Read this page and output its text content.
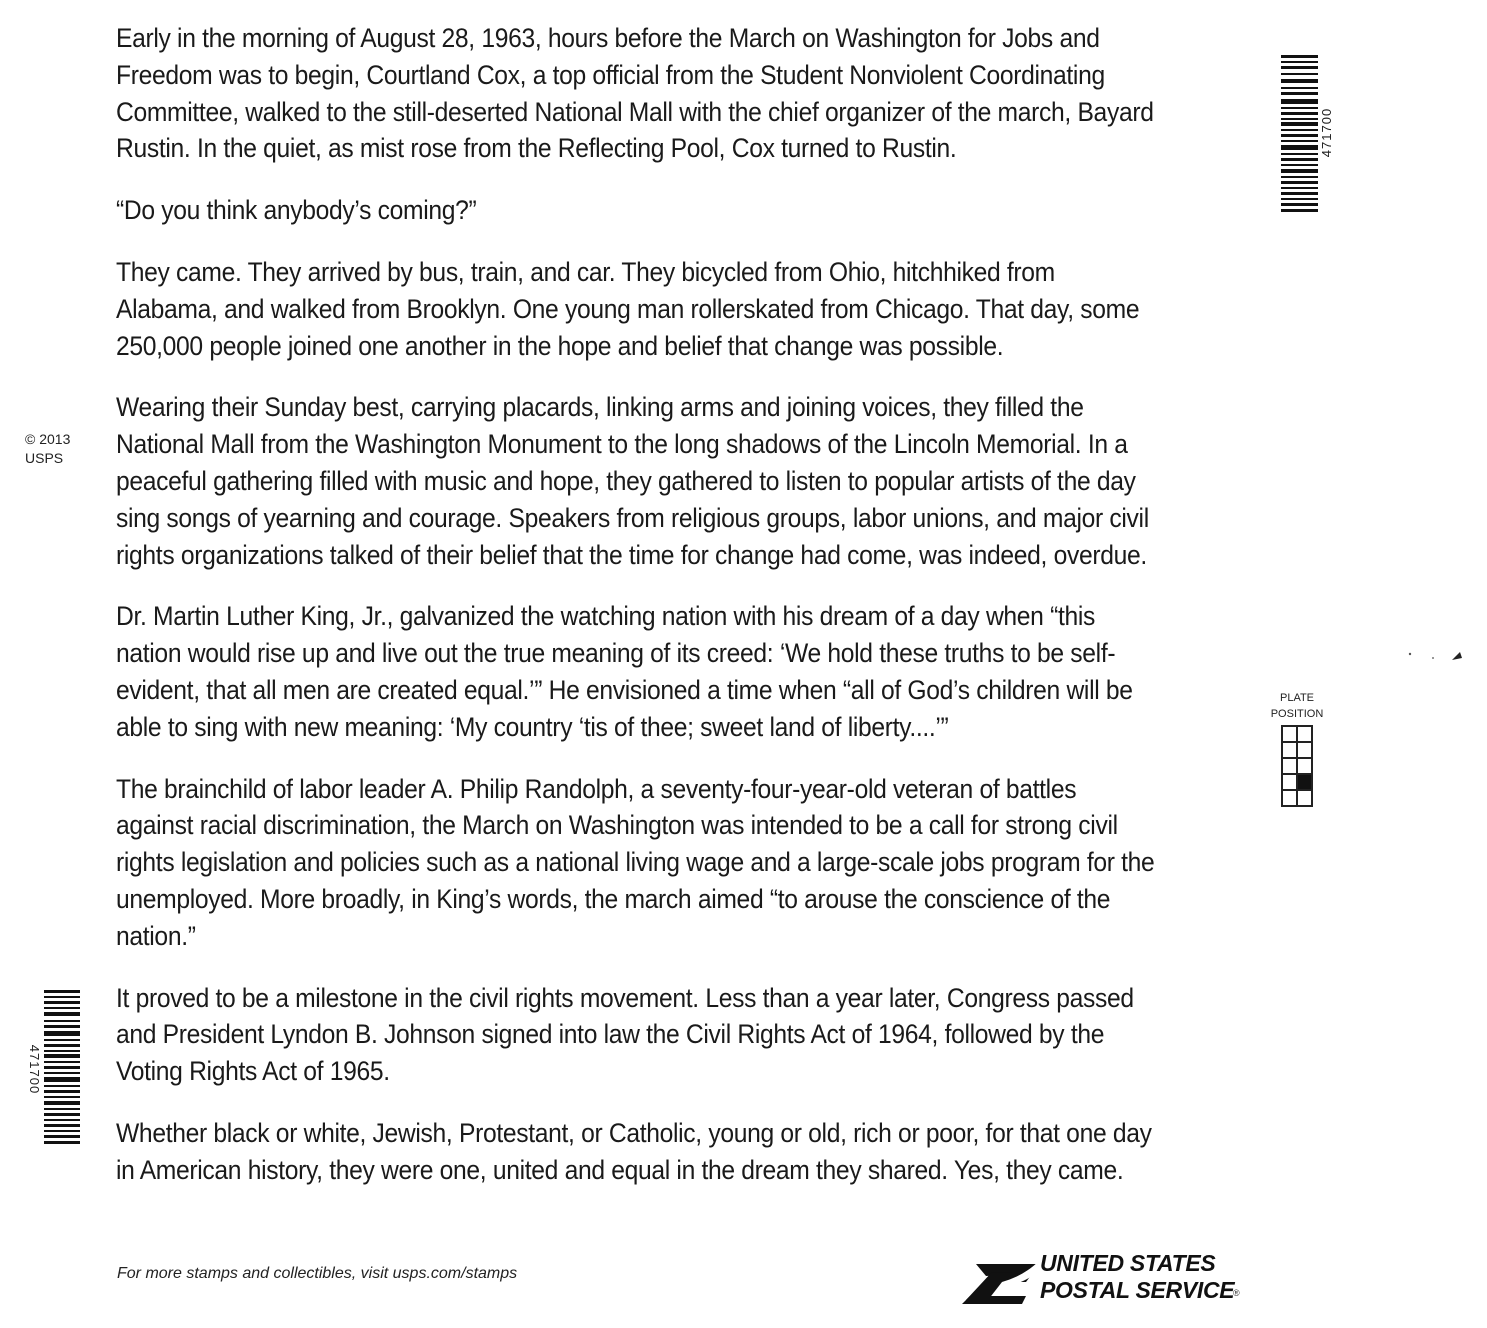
Early in the morning of August 28, 1963, hours before the March on Washington for Jobs and Freedom was to begin, Courtland Cox, a top official from the Student Nonviolent Coordinating Committee, walked to the still-deserted National Mall with the chief organizer of the march, Bayard Rustin. In the quiet, as mist rose from the Reflecting Pool, Cox turned to Rustin.

“Do you think anybody’s coming?”

They came. They arrived by bus, train, and car. They bicycled from Ohio, hitchhiked from Alabama, and walked from Brooklyn. One young man rollerskated from Chicago. That day, some 250,000 people joined one another in the hope and belief that change was possible.

Wearing their Sunday best, carrying placards, linking arms and joining voices, they filled the National Mall from the Washington Monument to the long shadows of the Lincoln Memorial. In a peaceful gathering filled with music and hope, they gathered to listen to popular artists of the day sing songs of yearning and courage. Speakers from religious groups, labor unions, and major civil rights organizations talked of their belief that the time for change had come, was indeed, overdue.

Dr. Martin Luther King, Jr., galvanized the watching nation with his dream of a day when “this nation would rise up and live out the true meaning of its creed: ‘We hold these truths to be self-evident, that all men are created equal.’” He envisioned a time when “all of God’s children will be able to sing with new meaning: ‘My country ‘tis of thee; sweet land of liberty....’”

The brainchild of labor leader A. Philip Randolph, a seventy-four-year-old veteran of battles against racial discrimination, the March on Washington was intended to be a call for strong civil rights legislation and policies such as a national living wage and a large-scale jobs program for the unemployed. More broadly, in King’s words, the march aimed “to arouse the conscience of the nation.”

It proved to be a milestone in the civil rights movement. Less than a year later, Congress passed and President Lyndon B. Johnson signed into law the Civil Rights Act of 1964, followed by the Voting Rights Act of 1965.

Whether black or white, Jewish, Protestant, or Catholic, young or old, rich or poor, for that one day in American history, they were one, united and equal in the dream they shared. Yes, they came.

© 2013
USPS
471700
471700
PLATE
POSITION
For more stamps and collectibles, visit usps.com/stamps	UNITED STATES
POSTAL SERVICE
®
